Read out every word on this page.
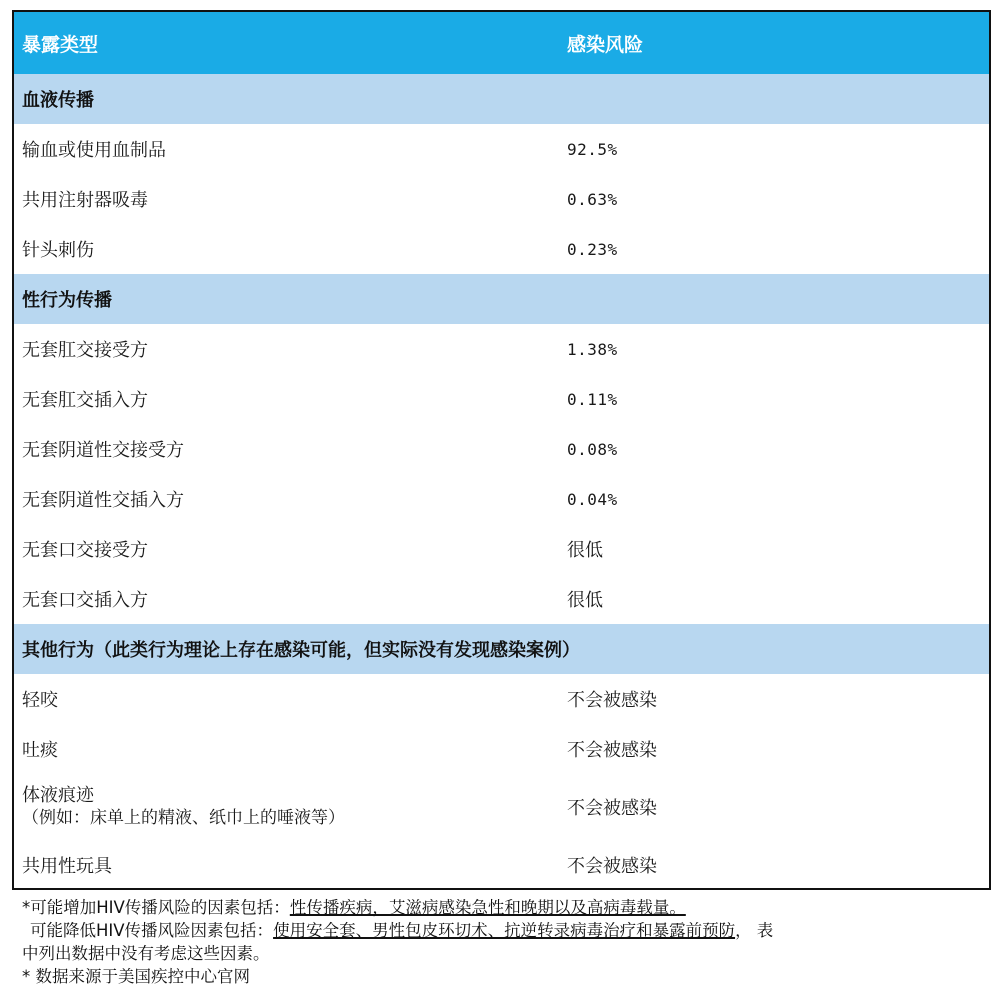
暴露类型	感染风险
血液传播
输血或使用血制品	92.5%
共用注射器吸毒	0.63%
针头刺伤	0.23%
性行为传播
无套肛交接受方	1.38%
无套肛交插入方	0.11%
无套阴道性交接受方	0.08%
无套阴道性交插入方	0.04%
无套口交接受方	很低
无套口交插入方	很低
其他行为（此类行为理论上存在感染可能，但实际没有发现感染案例）
轻咬	不会被感染
吐痰	不会被感染
体液痕迹
（例如：床单上的精液、纸巾上的唾液等）	不会被感染
共用性玩具	不会被感染
*可能增加HIV传播风险的因素包括：性传播疾病，艾滋病感染急性和晚期以及高病毒载量。
可能降低HIV传播风险因素包括：使用安全套、男性包皮环切术、抗逆转录病毒治疗和暴露前预防， 表
中列出数据中没有考虑这些因素。
* 数据来源于美国疾控中心官网
